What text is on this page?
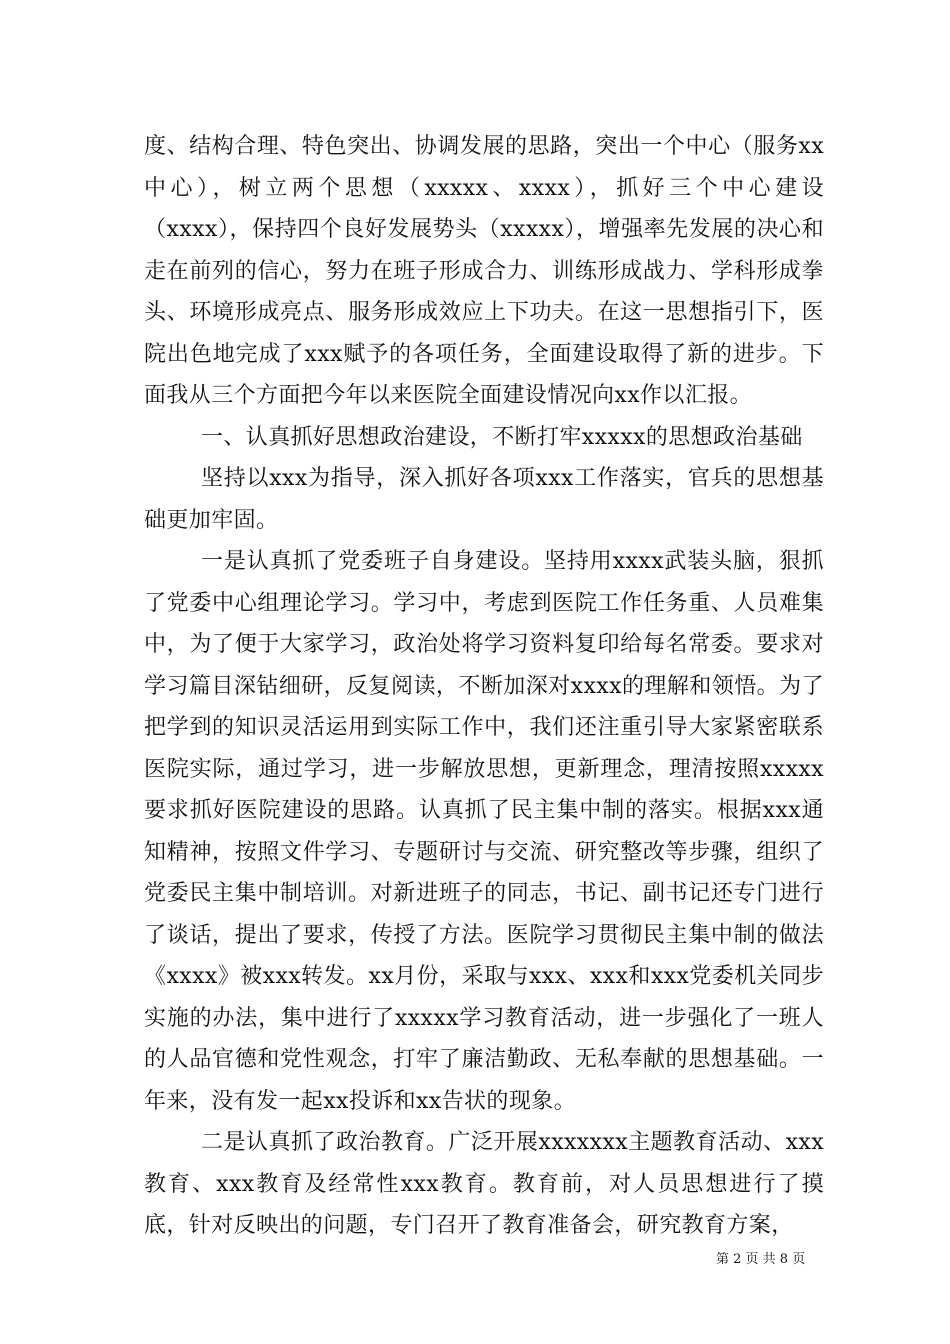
度、结构合理、特色突出、协调发展的思路，突出一个中心（服务xx中心），树立两个思想（xxxxx、xxxx），抓好三个中心建设（xxxx），保持四个良好发展势头（xxxxx），增强率先发展的决心和走在前列的信心，努力在班子形成合力、训练形成战力、学科形成拳头、环境形成亮点、服务形成效应上下功夫。在这一思想指引下，医院出色地完成了xxx赋予的各项任务，全面建设取得了新的进步。下面我从三个方面把今年以来医院全面建设情况向xx作以汇报。

一、认真抓好思想政治建设，不断打牢xxxxx的思想政治基础

坚持以xxx为指导，深入抓好各项xxx工作落实，官兵的思想基础更加牢固。

一是认真抓了党委班子自身建设。坚持用xxxx武装头脑，狠抓了党委中心组理论学习。学习中，考虑到医院工作任务重、人员难集中，为了便于大家学习，政治处将学习资料复印给每名常委。要求对学习篇目深钻细研，反复阅读，不断加深对xxxx的理解和领悟。为了把学到的知识灵活运用到实际工作中，我们还注重引导大家紧密联系医院实际，通过学习，进一步解放思想，更新理念，理清按照xxxxx要求抓好医院建设的思路。认真抓了民主集中制的落实。根据xxx通知精神，按照文件学习、专题研讨与交流、研究整改等步骤，组织了党委民主集中制培训。对新进班子的同志，书记、副书记还专门进行了谈话，提出了要求，传授了方法。医院学习贯彻民主集中制的做法《xxxx》被xxx转发。xx月份，采取与xxx、xxx和xxx党委机关同步实施的办法，集中进行了xxxxx学习教育活动，进一步强化了一班人的人品官德和党性观念，打牢了廉洁勤政、无私奉献的思想基础。一年来，没有发一起xx投诉和xx告状的现象。

二是认真抓了政治教育。广泛开展xxxxxxx主题教育活动、xxx教育、xxx教育及经常性xxx教育。教育前，对人员思想进行了摸底，针对反映出的问题，专门召开了教育准备会，研究教育方案，

第 2 页 共 8 页
